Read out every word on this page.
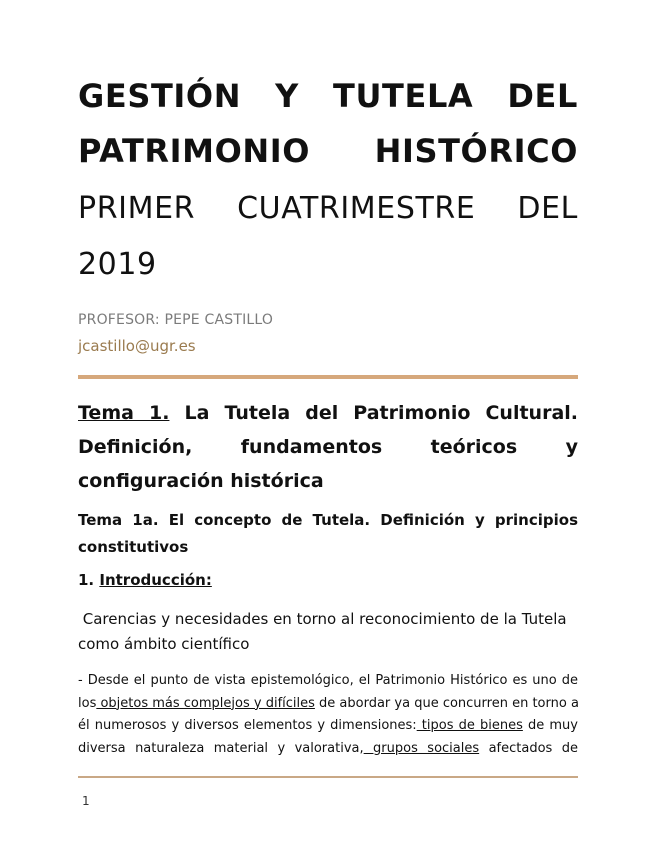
GESTIÓN Y TUTELA DEL
PATRIMONIO HISTÓRICO
PRIMER CUATRIMESTRE DEL
2019
PROFESOR: PEPE CASTILLO
jcastillo@ugr.es
Tema 1. La Tutela del Patrimonio Cultural.
Definición, fundamentos teóricos y
configuración histórica
Tema 1a. El concepto de Tutela. Definición y principios
constitutivos
1. Introducción:
Carencias y necesidades en torno al reconocimiento de la Tutela
como ámbito científico
- Desde el punto de vista epistemológico, el Patrimonio Histórico es uno de
los objetos más complejos y difíciles de abordar ya que concurren en torno a
él numerosos y diversos elementos y dimensiones: tipos de bienes de muy
diversa naturaleza material y valorativa, grupos sociales afectados de
1
